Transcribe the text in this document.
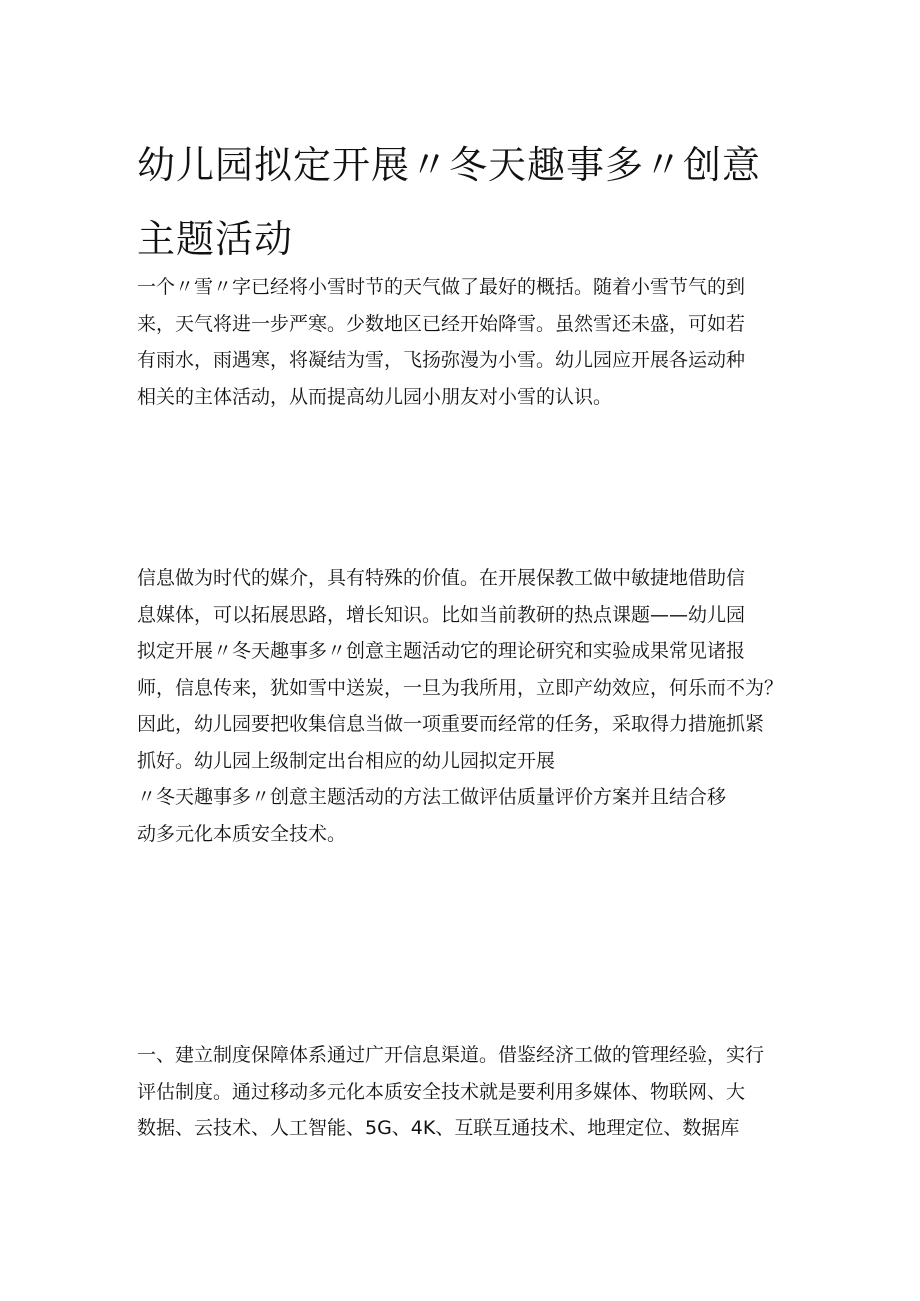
幼儿园拟定开展〃冬天趣事多〃创意
主题活动

一个〃雪〃字已经将小雪时节的天气做了最好的概括。随着小雪节气的到
来，天气将进一步严寒。少数地区已经开始降雪。虽然雪还未盛，可如若
有雨水，雨遇寒，将凝结为雪，飞扬弥漫为小雪。幼儿园应开展各运动种
相关的主体活动，从而提高幼儿园小朋友对小雪的认识。

信息做为时代的媒介，具有特殊的价值。在开展保教工做中敏捷地借助信
息媒体，可以拓展思路，增长知识。比如当前教研的热点课题——幼儿园
拟定开展〃冬天趣事多〃创意主题活动它的理论研究和实验成果常见诸报
师，信息传来，犹如雪中送炭，一旦为我所用，立即产幼效应，何乐而不为？
因此，幼儿园要把收集信息当做一项重要而经常的任务，采取得力措施抓紧
抓好。幼儿园上级制定出台相应的幼儿园拟定开展
〃冬天趣事多〃创意主题活动的方法工做评估质量评价方案并且结合移
动多元化本质安全技术。

一、建立制度保障体系通过广开信息渠道。借鉴经济工做的管理经验，实行
评估制度。通过移动多元化本质安全技术就是要利用多媒体、物联网、大
数据、云技术、人工智能、5G、4K、互联互通技术、地理定位、数据库
